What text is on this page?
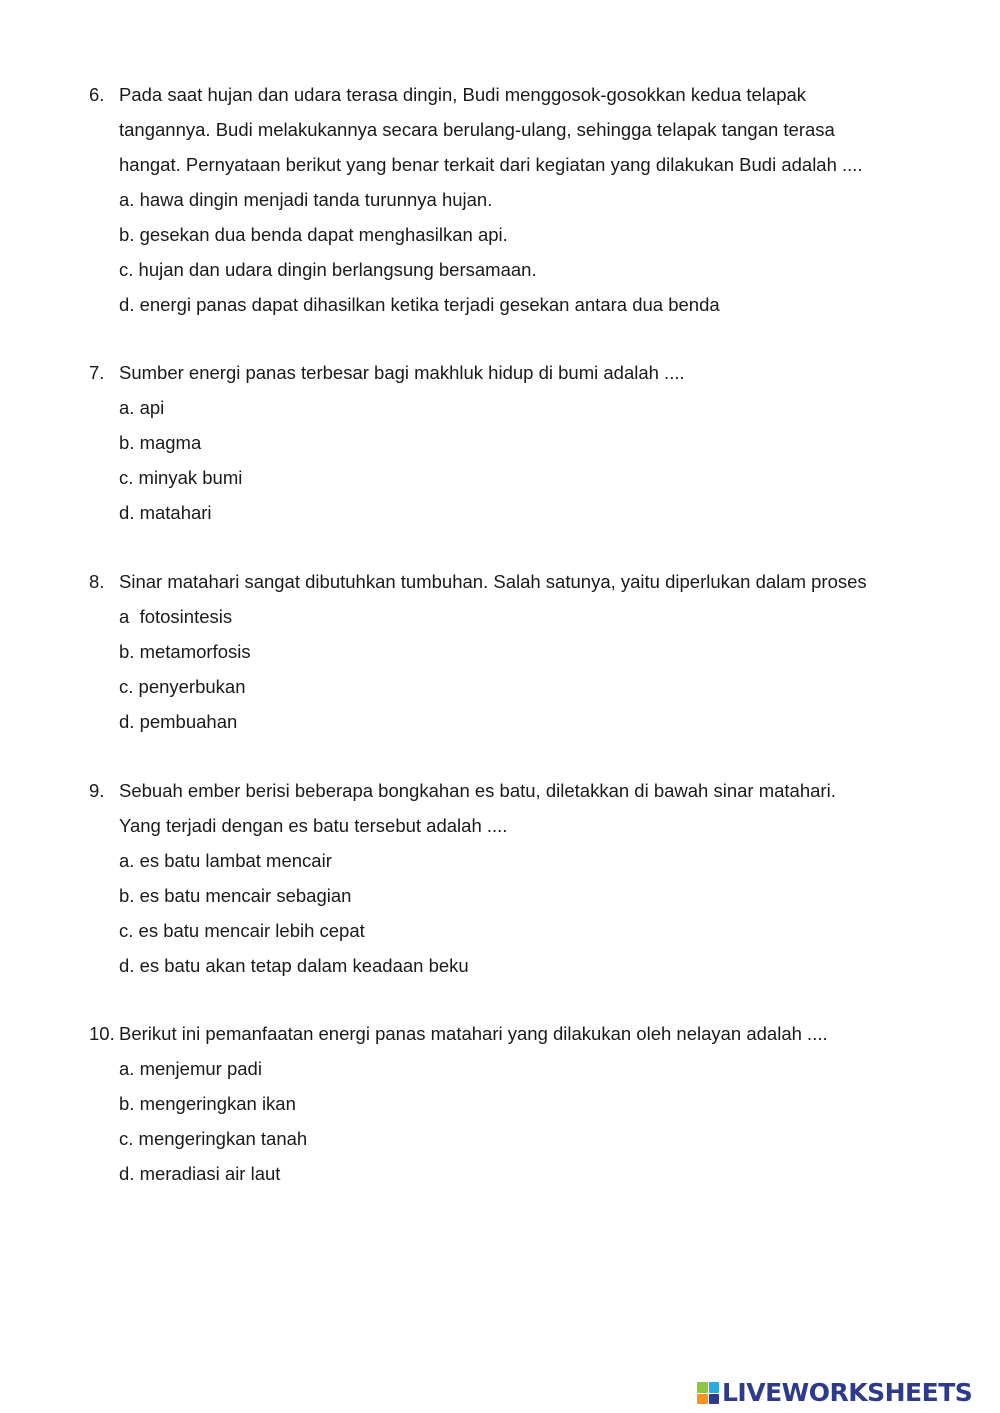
6. Pada saat hujan dan udara terasa dingin, Budi menggosok-gosokkan kedua telapak
tangannya. Budi melakukannya secara berulang-ulang, sehingga telapak tangan terasa
hangat. Pernyataan berikut yang benar terkait dari kegiatan yang dilakukan Budi adalah ....
a. hawa dingin menjadi tanda turunnya hujan.
b. gesekan dua benda dapat menghasilkan api.
c. hujan dan udara dingin berlangsung bersamaan.
d. energi panas dapat dihasilkan ketika terjadi gesekan antara dua benda
7. Sumber energi panas terbesar bagi makhluk hidup di bumi adalah ....
a. api
b. magma
c. minyak bumi
d. matahari
8. Sinar matahari sangat dibutuhkan tumbuhan. Salah satunya, yaitu diperlukan dalam proses
a  fotosintesis
b. metamorfosis
c. penyerbukan
d. pembuahan
9. Sebuah ember berisi beberapa bongkahan es batu, diletakkan di bawah sinar matahari.
Yang terjadi dengan es batu tersebut adalah ....
a. es batu lambat mencair
b. es batu mencair sebagian
c. es batu mencair lebih cepat
d. es batu akan tetap dalam keadaan beku
10. Berikut ini pemanfaatan energi panas matahari yang dilakukan oleh nelayan adalah ....
a. menjemur padi
b. mengeringkan ikan
c. mengeringkan tanah
d. meradiasi air laut
LIVEWORKSHEETS
